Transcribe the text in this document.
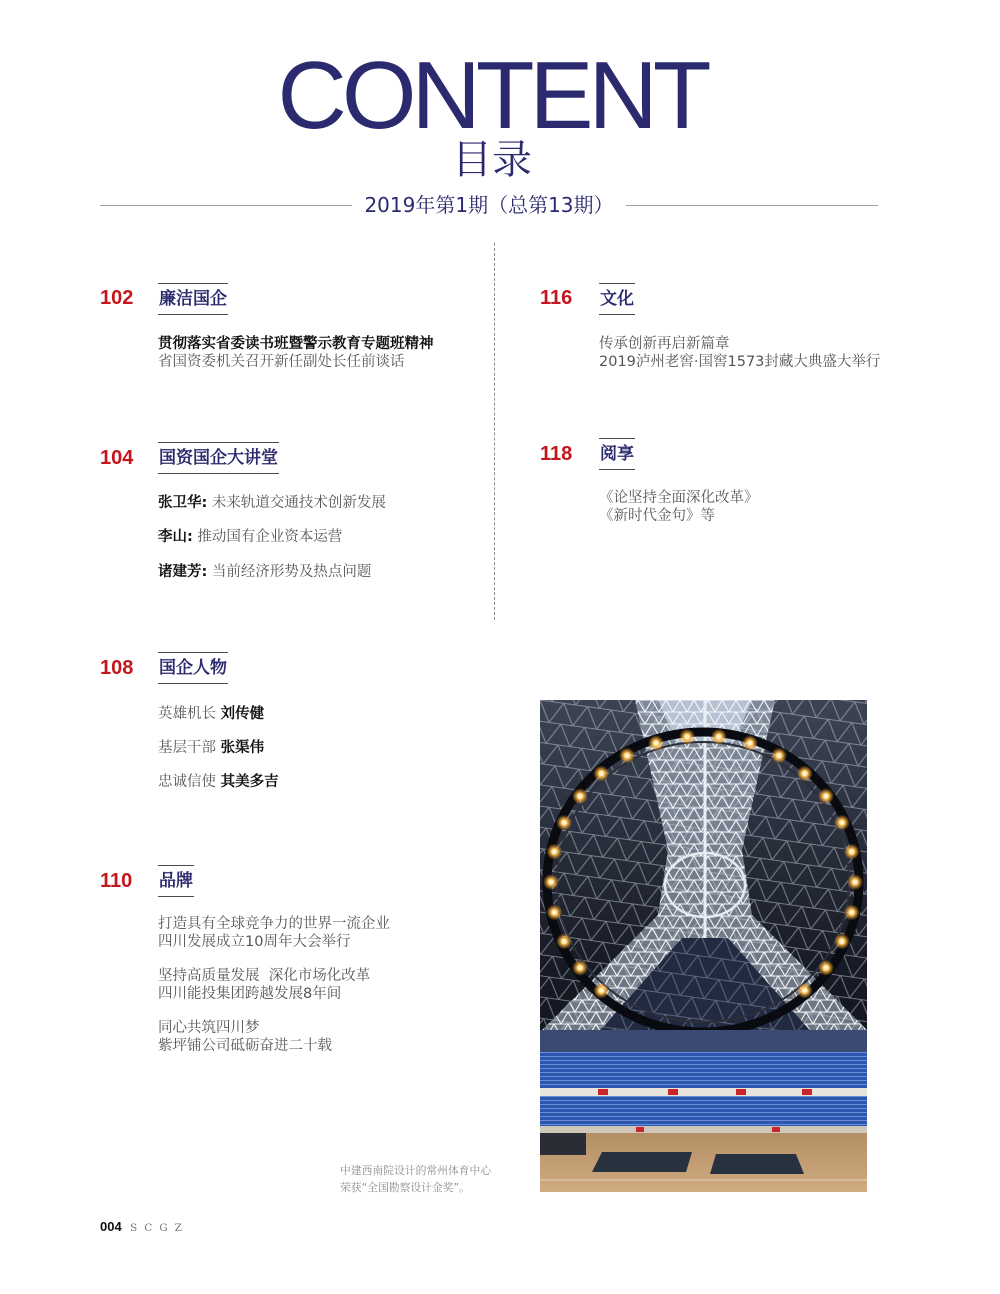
CONTENT
目录
2019年第1期（总第13期）
102 廉洁国企
贯彻落实省委读书班暨警示教育专题班精神
省国资委机关召开新任副处长任前谈话
104 国资国企大讲堂
张卫华: 未来轨道交通技术创新发展
李山: 推动国有企业资本运营
诸建芳: 当前经济形势及热点问题
108 国企人物
英雄机长 刘传健
基层干部 张渠伟
忠诚信使 其美多吉
110 品牌
打造具有全球竞争力的世界一流企业
四川发展成立10周年大会举行
坚持高质量发展  深化市场化改革
四川能投集团跨越发展8年间
同心共筑四川梦
紫坪铺公司砥砺奋进二十载
116 文化
传承创新再启新篇章
2019泸州老窖·国窖1573封藏大典盛大举行
118 阅享
《论坚持全面深化改革》
《新时代金句》等
中建西南院设计的常州体育中心
荣获“全国勘察设计金奖”。
004 SCGZ
